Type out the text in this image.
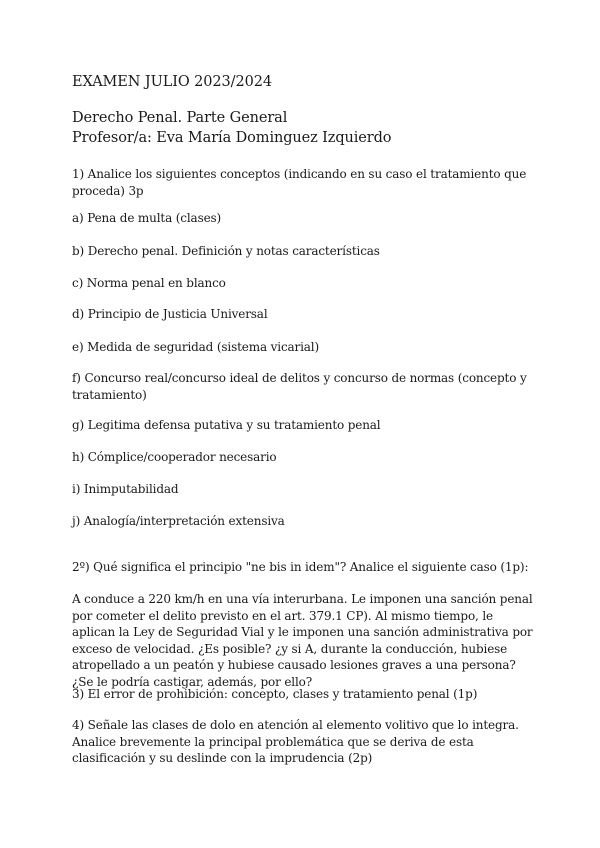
EXAMEN JULIO 2023/2024
Derecho Penal. Parte General
Profesor/a: Eva María Dominguez Izquierdo
1) Analice los siguientes conceptos (indicando en su caso el tratamiento que proceda) 3p
a) Pena de multa (clases)
b) Derecho penal. Definición y notas características
c) Norma penal en blanco
d) Principio de Justicia Universal
e) Medida de seguridad (sistema vicarial)
f) Concurso real/concurso ideal de delitos y concurso de normas (concepto y tratamiento)
g) Legitima defensa putativa y su tratamiento penal
h) Cómplice/cooperador necesario
i) Inimputabilidad
j) Analogía/interpretación extensiva
2º) Qué significa el principio "ne bis in idem"? Analice el siguiente caso (1p):
A conduce a 220 km/h en una vía interurbana. Le imponen una sanción penal por cometer el delito previsto en el art. 379.1 CP). Al mismo tiempo, le aplican la Ley de Seguridad Vial y le imponen una sanción administrativa por exceso de velocidad. ¿Es posible? ¿y si A, durante la conducción, hubiese atropellado a un peatón y hubiese causado lesiones graves a una persona? ¿Se le podría castigar, además, por ello?
3) El error de prohibición: concepto, clases y tratamiento penal (1p)
4) Señale las clases de dolo en atención al elemento volitivo que lo integra. Analice brevemente la principal problemática que se deriva de esta clasificación y su deslinde con la imprudencia (2p)
